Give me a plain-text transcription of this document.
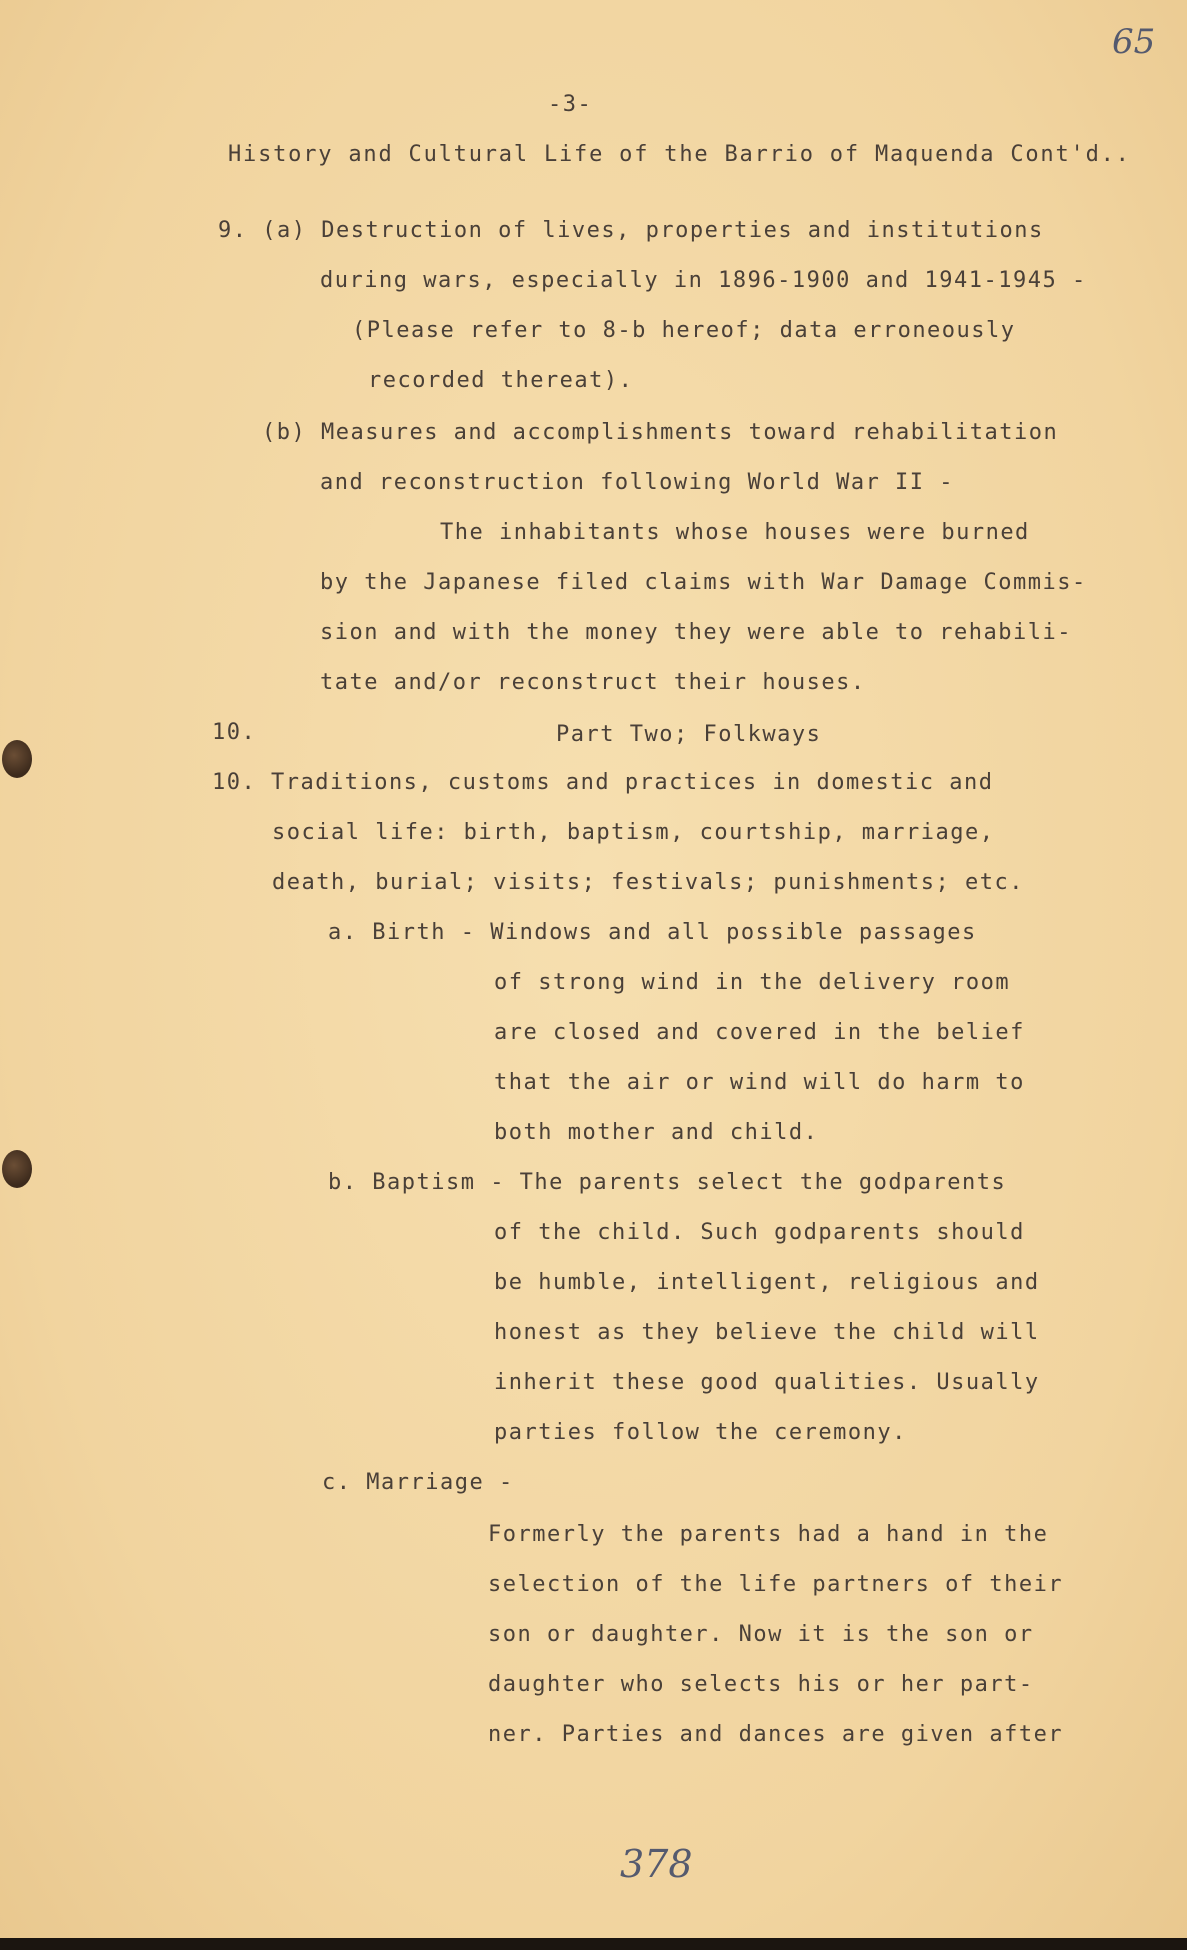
65
-3-
History and Cultural Life of the Barrio of Maquenda Cont'd..
9. (a) Destruction of lives, properties and institutions
during wars, especially in 1896-1900 and 1941-1945 -
(Please refer to 8-b hereof; data erroneously
recorded thereat).
(b) Measures and accomplishments toward rehabilitation
and reconstruction following World War II -
The inhabitants whose houses were burned
by the Japanese filed claims with War Damage Commis-
sion and with the money they were able to rehabili-
tate and/or reconstruct their houses.
10.	Part Two; Folkways
10. Traditions, customs and practices in domestic and
social life: birth, baptism, courtship, marriage,
death, burial; visits; festivals; punishments; etc.
a. Birth - Windows and all possible passages
of strong wind in the delivery room
are closed and covered in the belief
that the air or wind will do harm to
both mother and child.
b. Baptism - The parents select the godparents
of the child. Such godparents should
be humble, intelligent, religious and
honest as they believe the child will
inherit these good qualities. Usually
parties follow the ceremony.
c. Marriage -
Formerly the parents had a hand in the
selection of the life partners of their
son or daughter. Now it is the son or
daughter who selects his or her part-
ner. Parties and dances are given after
378
